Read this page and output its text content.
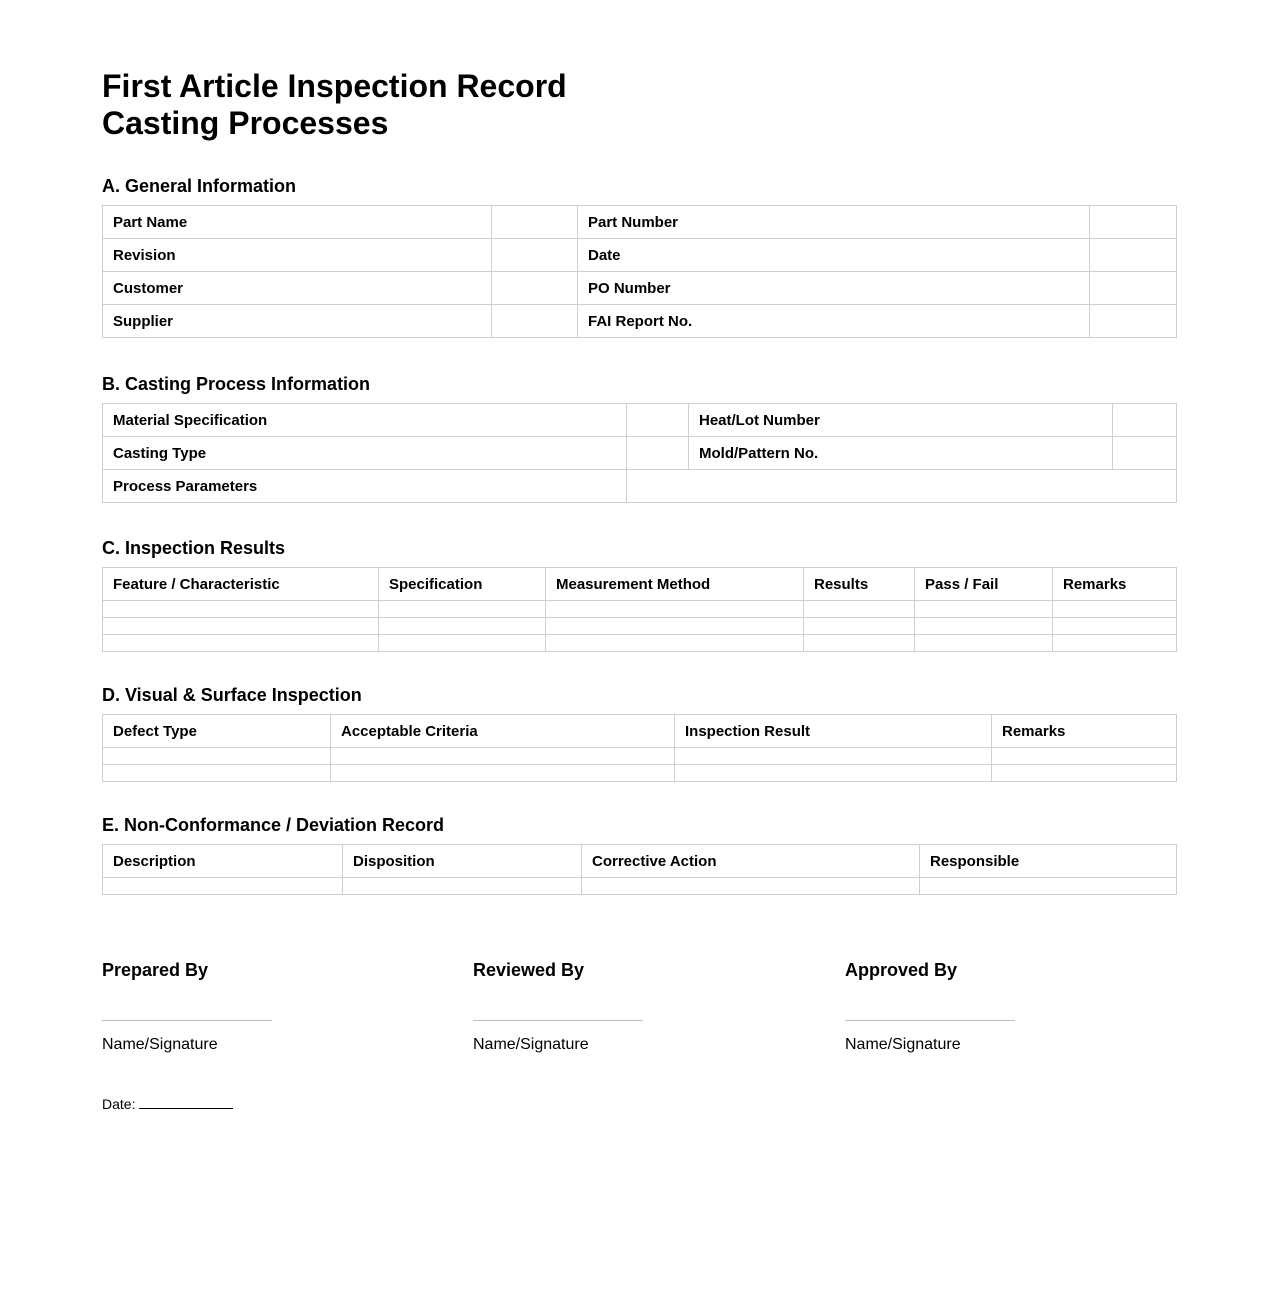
First Article Inspection Record
Casting Processes
A. General Information
Part Name		Part Number	
Revision		Date	
Customer		PO Number	
Supplier		FAI Report No.	
B. Casting Process Information
Material Specification		Heat/Lot Number	
Casting Type		Mold/Pattern No.	
Process Parameters			
C. Inspection Results
Feature / Characteristic	Specification	Measurement Method	Results	Pass / Fail	Remarks

D. Visual & Surface Inspection
Defect Type	Acceptable Criteria	Inspection Result	Remarks

E. Non-Conformance / Deviation Record
Description	Disposition	Corrective Action	Responsible

Prepared By

Name/Signature

Reviewed By

Name/Signature

Approved By

Name/Signature
Date:
